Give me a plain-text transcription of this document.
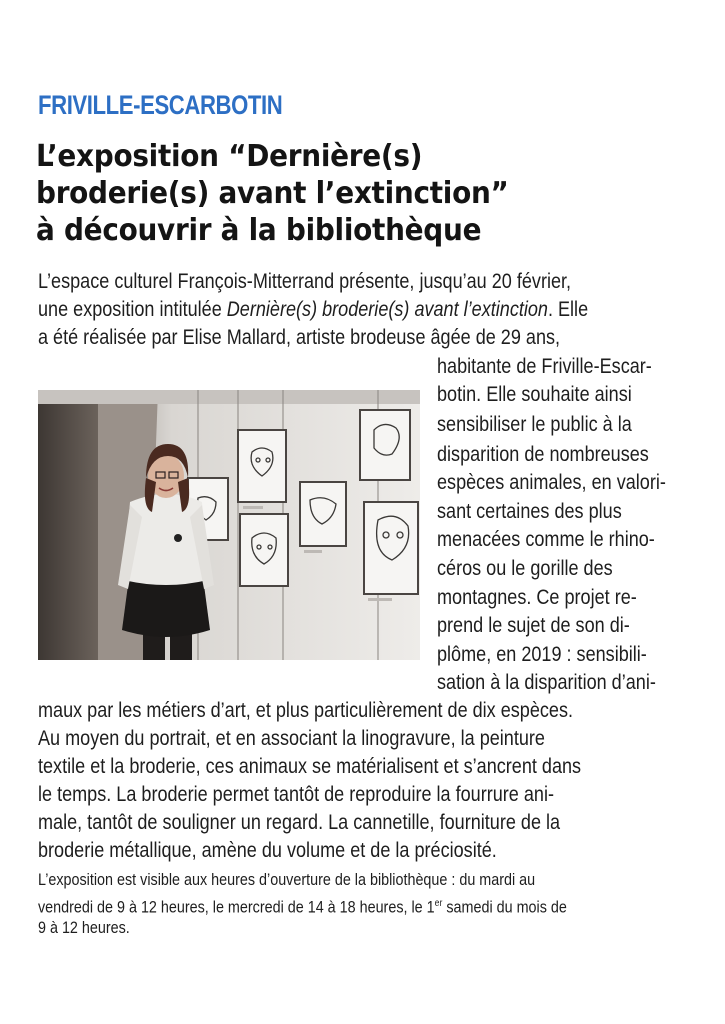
FRIVILLE-ESCARBOTIN
L’exposition “Dernière(s)
broderie(s) avant l’extinction”
à découvrir à la bibliothèque
L’espace culturel François-Mitterrand présente, jusqu’au 20 février,
une exposition intitulée Dernière(s) broderie(s) avant l’extinction. Elle
a été réalisée par Elise Mallard, artiste brodeuse âgée de 29 ans,
habitante de Friville-Escar-
botin. Elle souhaite ainsi
sensibiliser le public à la
disparition de nombreuses
espèces animales, en valori-
sant certaines des plus
menacées comme le rhino-
céros ou le gorille des
montagnes. Ce projet re-
prend le sujet de son di-
plôme, en 2019 : sensibili-
sation à la disparition d’ani-
maux par les métiers d’art, et plus particulièrement de dix espèces.
Au moyen du portrait, et en associant la linogravure, la peinture
textile et la broderie, ces animaux se matérialisent et s’ancrent dans
le temps. La broderie permet tantôt de reproduire la fourrure ani-
male, tantôt de souligner un regard. La cannetille, fourniture de la
broderie métallique, amène du volume et de la préciosité.
L’exposition est visible aux heures d’ouverture de la bibliothèque : du mardi au
vendredi de 9 à 12 heures, le mercredi de 14 à 18 heures, le 1er samedi du mois de
9 à 12 heures.
